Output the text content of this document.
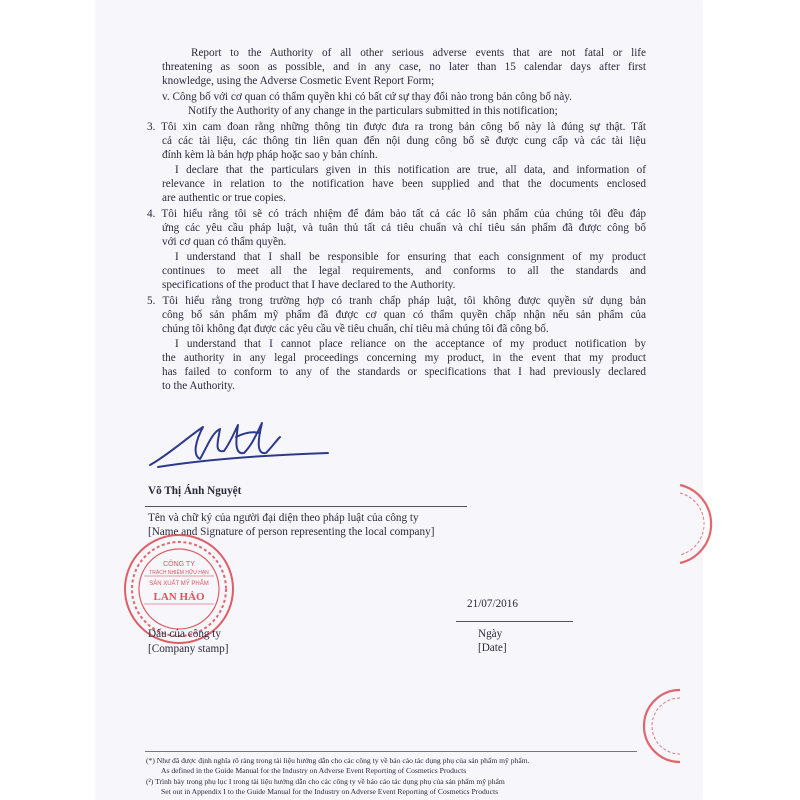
Report to the Authority of all other serious adverse events that are not fatal or life
threatening as soon as possible, and in any case, no later than 15 calendar days after first
knowledge, using the Adverse Cosmetic Event Report Form;
v. Công bố với cơ quan có thẩm quyền khi có bất cứ sự thay đổi nào trong bản công bố này.
Notify the Authority of any change in the particulars submitted in this notification;
3. Tôi xin cam đoan rằng những thông tin được đưa ra trong bản công bố này là đúng sự thật. Tất
cả các tài liệu, các thông tin liên quan đến nội dung công bố sẽ được cung cấp và các tài liệu
đính kèm là bản hợp pháp hoặc sao y bản chính.
I declare that the particulars given in this notification are true, all data, and information of
relevance in relation to the notification have been supplied and that the documents enclosed
are authentic or true copies.
4. Tôi hiểu rằng tôi sẽ có trách nhiệm để đảm bảo tất cả các lô sản phẩm của chúng tôi đều đáp
ứng các yêu cầu pháp luật, và tuân thủ tất cả tiêu chuẩn và chỉ tiêu sản phẩm đã được công bố
với cơ quan có thẩm quyền.
I understand that I shall be responsible for ensuring that each consignment of my product
continues to meet all the legal requirements, and conforms to all the standards and
specifications of the product that I have declared to the Authority.
5. Tôi hiểu rằng trong trường hợp có tranh chấp pháp luật, tôi không được quyền sử dụng bản
công bố sản phẩm mỹ phẩm đã được cơ quan có thẩm quyền chấp nhận nếu sản phẩm của
chúng tôi không đạt được các yêu cầu về tiêu chuẩn, chỉ tiêu mà chúng tôi đã công bố.
I understand that I cannot place reliance on the acceptance of my product notification by
the authority in any legal proceedings concerning my product, in the event that my product
has failed to conform to any of the standards or specifications that I had previously declared
to the Authority.
Võ Thị Ánh Nguyệt
Tên và chữ ký của người đại diện theo pháp luật của công ty
[Name and Signature of person representing the local company]
CÔNG TY
TRÁCH NHIỆM HỮU HẠN
SẢN XUẤT MỸ PHẨM
LAN HẢO
Dấu của công ty
[Company stamp]
21/07/2016
Ngày
[Date]
(*) Như đã được định nghĩa rõ ràng trong tài liệu hướng dẫn cho các công ty về báo cáo tác dụng phụ của sản phẩm mỹ phẩm.
As defined in the Guide Manual for the Industry on Adverse Event Reporting of Cosmetics Products
(²) Trình bày trong phụ lục I trong tài liệu hướng dẫn cho các công ty về báo cáo tác dụng phụ của sản phẩm mỹ phẩm
Set out in Appendix I to the Guide Manual for the Industry on Adverse Event Reporting of Cosmetics Products
